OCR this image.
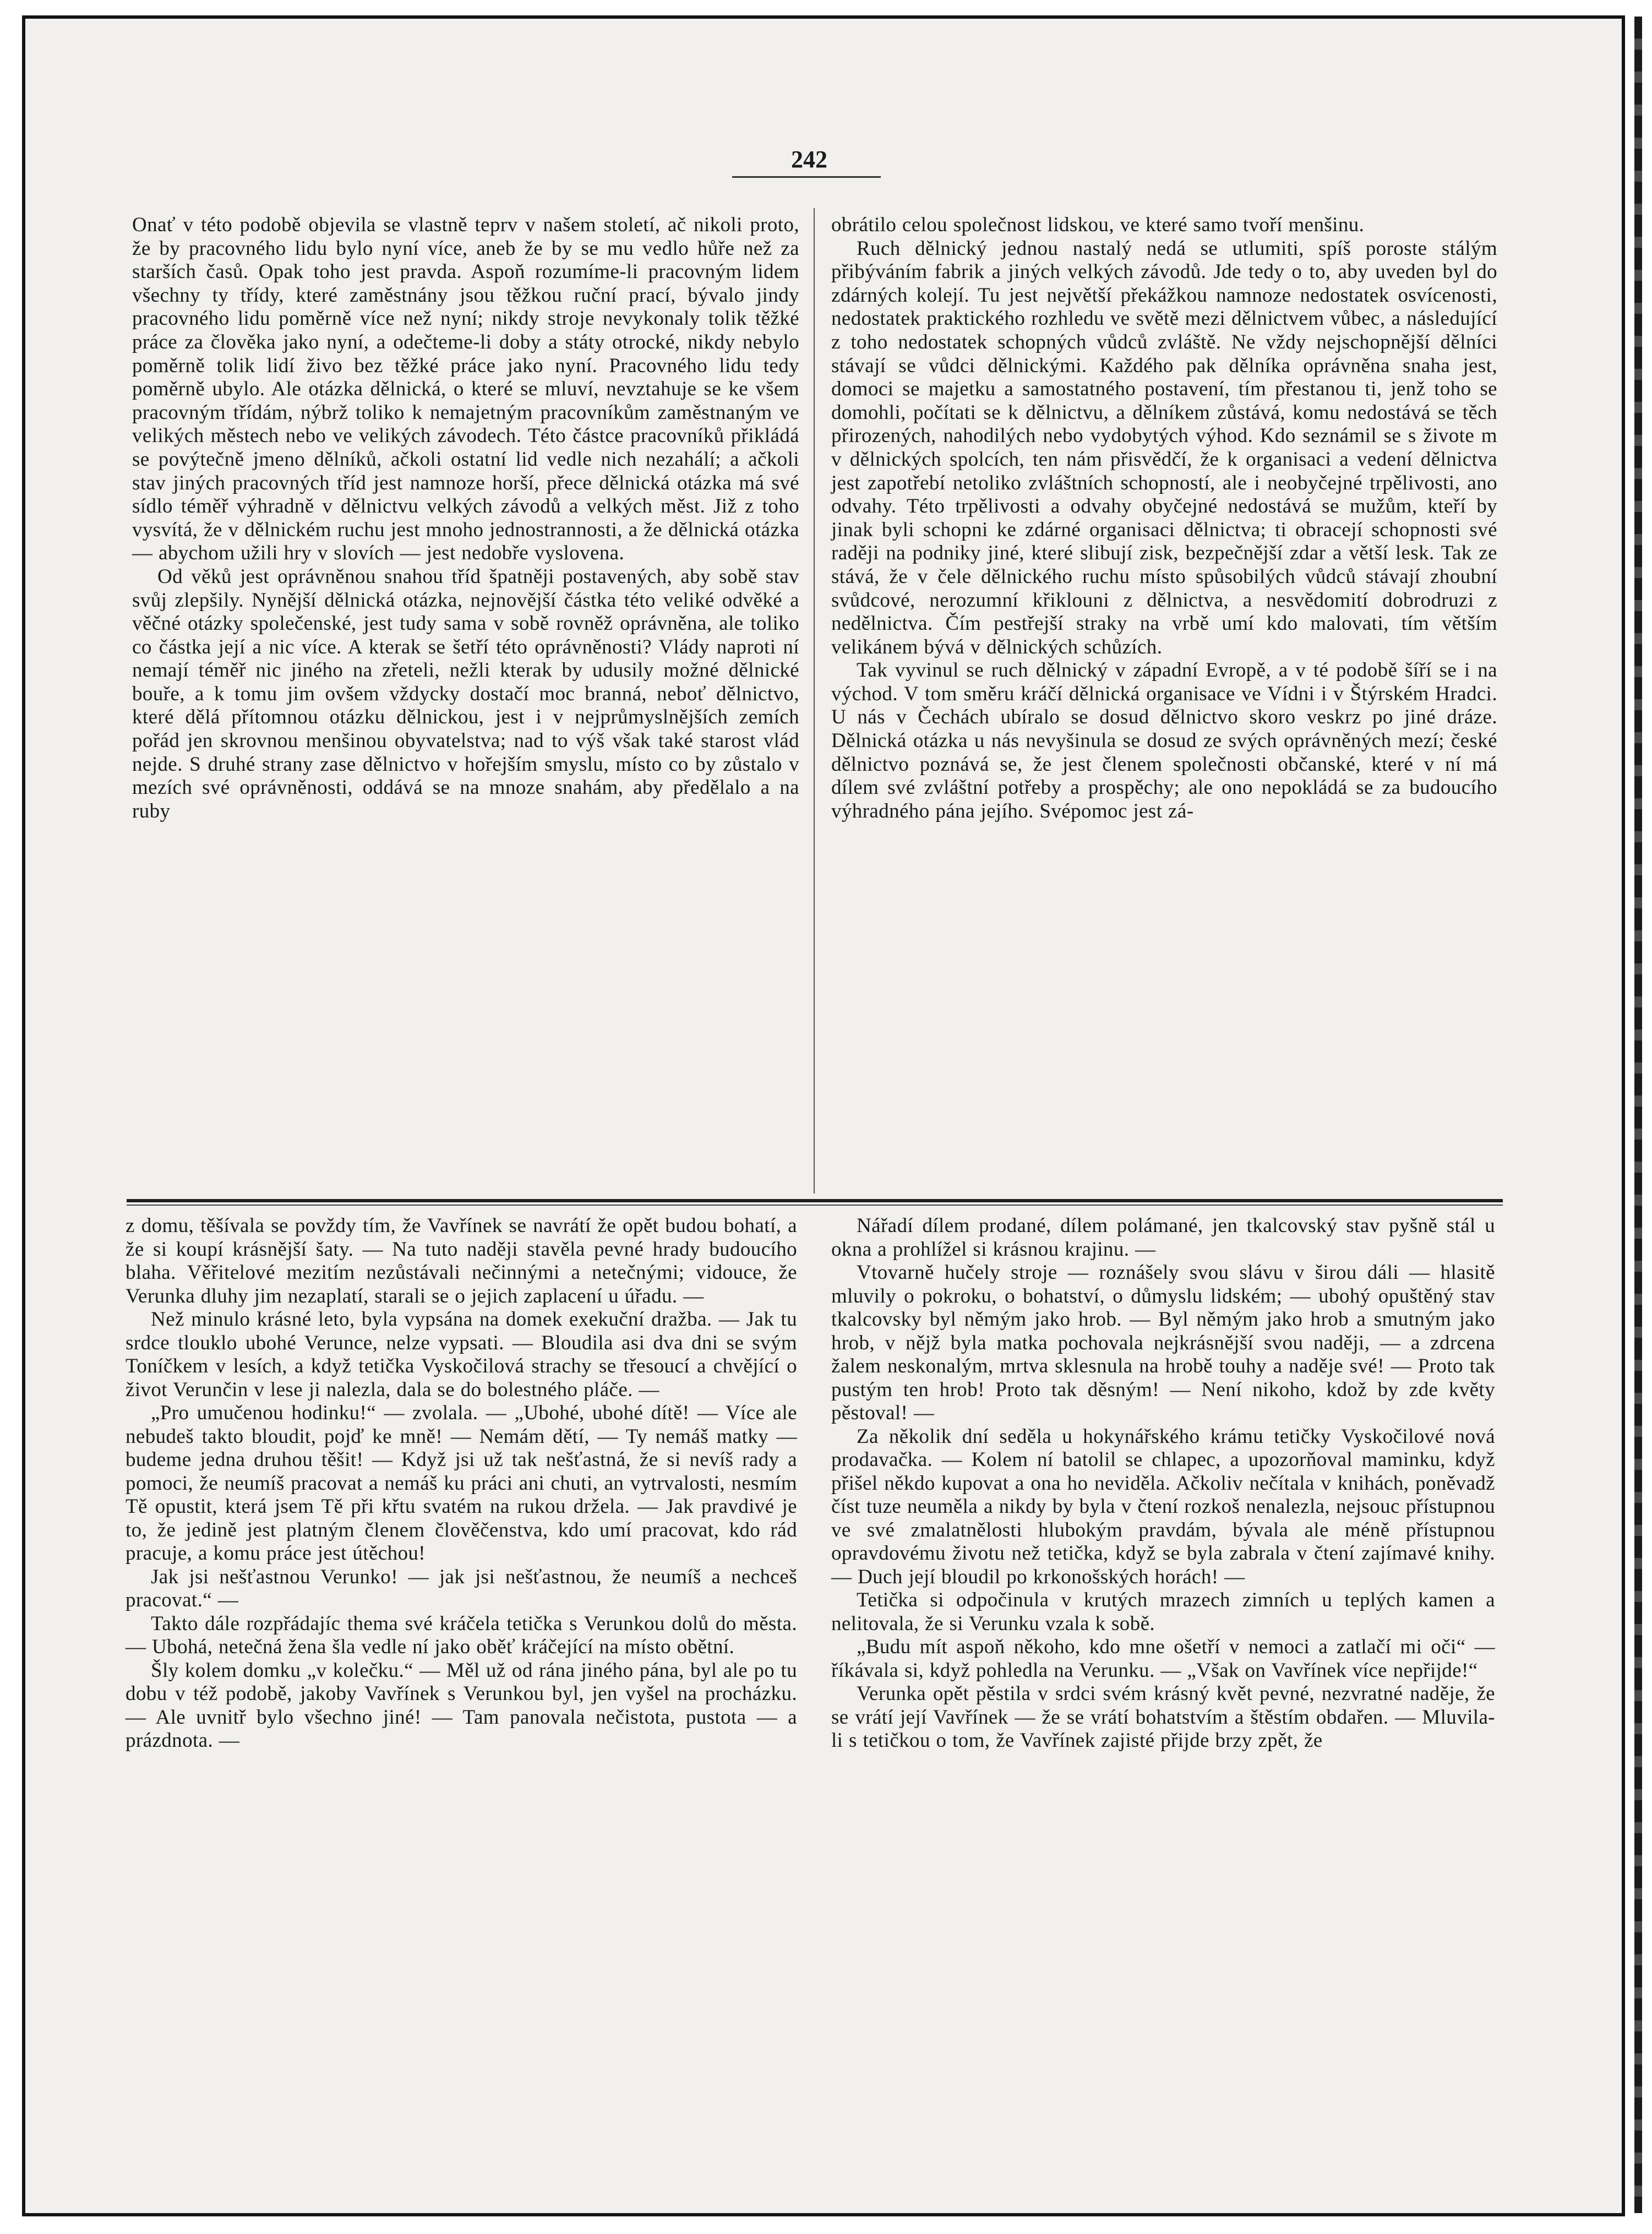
242

Onať v této podobě objevila se vlastně teprv v našem století, ač nikoli proto, že by pracovného lidu bylo nyní více, aneb že by se mu vedlo hůře než za starších časů. Opak toho jest pravda. Aspoň rozumíme-li pracovným lidem všechny ty třídy, které zaměstnány jsou těžkou ruční prací, bývalo jindy pracovného lidu poměrně více než nyní; nikdy stroje nevykonaly tolik těžké práce za člověka jako nyní, a odečteme-li doby a státy otrocké, nikdy nebylo poměrně tolik lidí živo bez těžké práce jako nyní. Pracovného lidu tedy poměrně ubylo. Ale otázka dělnická, o které se mluví, nevztahuje se ke všem pracovným třídám, nýbrž toliko k nemajetným pracovníkům zaměstnaným ve velikých městech nebo ve velikých závodech. Této částce pracovníků přikládá se povýtečně jmeno dělníků, ačkoli ostatní lid vedle nich nezahálí; a ačkoli stav jiných pracovných tříd jest namnoze horší, přece dělnická otázka má své sídlo téměř výhradně v dělnictvu velkých závodů a velkých měst. Již z toho vysvítá, že v dělnickém ruchu jest mnoho jednostrannosti, a že dělnická otázka — abychom užili hry v slovích — jest nedobře vyslovena.

Od věků jest oprávněnou snahou tříd špatněji postavených, aby sobě stav svůj zlepšily. Nynější dělnická otázka, nejnovější částka této veliké odvěké a věčné otázky společenské, jest tudy sama v sobě rovněž oprávněna, ale toliko co částka její a nic více. A kterak se šetří této oprávněnosti? Vlády naproti ní nemají téměř nic jiného na zřeteli, nežli kterak by udusily možné dělnické bouře, a k tomu jim ovšem vždycky dostačí moc branná, neboť dělnictvo, které dělá přítomnou otázku dělnickou, jest i v nejprůmyslnějších zemích pořád jen skrovnou menšinou obyvatelstva; nad to výš však také starost vlád nejde. S druhé strany zase dělnictvo v hořejším smyslu, místo co by zůstalo v mezích své oprávněnosti, oddává se na mnoze snahám, aby předělalo a na ruby

obrátilo celou společnost lidskou, ve které samo tvoří menšinu.

Ruch dělnický jednou nastalý nedá se utlumiti, spíš poroste stálým přibýváním fabrik a jiných velkých závodů. Jde tedy o to, aby uveden byl do zdárných kolejí. Tu jest největší překážkou namnoze nedostatek osvícenosti, nedostatek praktického rozhledu ve světě mezi dělnictvem vůbec, a následující z toho nedostatek schopných vůdců zvláště. Ne vždy nejschopnější dělníci stávají se vůdci dělnickými. Každého pak dělníka oprávněna snaha jest, domoci se majetku a samostatného postavení, tím přestanou ti, jenž toho se domohli, počítati se k dělnictvu, a dělníkem zůstává, komu nedostává se těch přirozených, nahodilých nebo vydobytých výhod. Kdo seznámil se s živote m v dělnických spolcích, ten nám přisvědčí, že k organisaci a vedení dělnictva jest zapotřebí netoliko zvláštních schopností, ale i neobyčejné trpělivosti, ano odvahy. Této trpělivosti a odvahy obyčejné nedostává se mužům, kteří by jinak byli schopni ke zdárné organisaci dělnictva; ti obracejí schopnosti své raději na podniky jiné, které slibují zisk, bezpečnější zdar a větší lesk. Tak ze stává, že v čele dělnického ruchu místo spůsobilých vůdců stávají zhoubní svůdcové, nerozumní křiklouni z dělnictva, a nesvědomití dobrodruzi z nedělnictva. Čím pestřejší straky na vrbě umí kdo malovati, tím větším velikánem bývá v dělnických schůzích.

Tak vyvinul se ruch dělnický v západní Evropě, a v té podobě šíří se i na východ. V tom směru kráčí dělnická organisace ve Vídni i v Štýrském Hradci. U nás v Čechách ubíralo se dosud dělnictvo skoro veskrz po jiné dráze. Dělnická otázka u nás nevyšinula se dosud ze svých oprávněných mezí; české dělnictvo poznává se, že jest členem společnosti občanské, které v ní má dílem své zvláštní potřeby a prospěchy; ale ono nepokládá se za budoucího výhradného pána jejího. Svépomoc jest zá-

z domu, těšívala se povždy tím, že Vavřínek se navrátí že opět budou bohatí, a že si koupí krásnější šaty. — Na tuto naději stavěla pevné hrady budoucího blaha. Věřitelové mezitím nezůstávali nečinnými a netečnými; vidouce, že Verunka dluhy jim nezaplatí, starali se o jejich zaplacení u úřadu. —

Než minulo krásné leto, byla vypsána na domek exekuční dražba. — Jak tu srdce tlouklo ubohé Verunce, nelze vypsati. — Bloudila asi dva dni se svým Toníčkem v lesích, a když tetička Vyskočilová strachy se třesoucí a chvějící o život Verunčin v lese ji nalezla, dala se do bolestného pláče. —

„Pro umučenou hodinku!“ — zvolala. — „Ubohé, ubohé dítě! — Více ale nebudeš takto bloudit, pojď ke mně! — Nemám dětí, — Ty nemáš matky — budeme jedna druhou těšit! — Když jsi už tak nešťastná, že si nevíš rady a pomoci, že neumíš pracovat a nemáš ku práci ani chuti, an vytrvalosti, nesmím Tě opustit, která jsem Tě při křtu svatém na rukou držela. — Jak pravdivé je to, že jedině jest platným členem člověčenstva, kdo umí pracovat, kdo rád pracuje, a komu práce jest útěchou!

Jak jsi nešťastnou Verunko! — jak jsi nešťastnou, že neumíš a nechceš pracovat.“ —

Takto dále rozpřádajíc thema své kráčela tetička s Verunkou dolů do města. — Ubohá, netečná žena šla vedle ní jako oběť kráčející na místo obětní.

Šly kolem domku „v kolečku.“ — Měl už od rána jiného pána, byl ale po tu dobu v též podobě, jakoby Vavřínek s Verunkou byl, jen vyšel na procházku. — Ale uvnitř bylo všechno jiné! — Tam panovala nečistota, pustota — a prázdnota. —

Nářadí dílem prodané, dílem polámané, jen tkalcovský stav pyšně stál u okna a prohlížel si krásnou krajinu. —

Vtovarně hučely stroje — roznášely svou slávu v širou dáli — hlasitě mluvily o pokroku, o bohatství, o důmyslu lidském; — ubohý opuštěný stav tkalcovsky byl němým jako hrob. — Byl němým jako hrob a smutným jako hrob, v nějž byla matka pochovala nejkrásnější svou naději, — a zdrcena žalem neskonalým, mrtva sklesnula na hrobě touhy a naděje své! — Proto tak pustým ten hrob! Proto tak děsným! — Není nikoho, kdož by zde květy pěstoval! —

Za několik dní seděla u hokynářského krámu tetičky Vyskočilové nová prodavačka. — Kolem ní batolil se chlapec, a upozorňoval maminku, když přišel někdo kupovat a ona ho neviděla. Ačkoliv nečítala v knihách, poněvadž číst tuze neuměla a nikdy by byla v čtení rozkoš nenalezla, nejsouc přístupnou ve své zmalatnělosti hlubokým pravdám, bývala ale méně přístupnou opravdovému životu než tetička, když se byla zabrala v čtení zajímavé knihy. — Duch její bloudil po krkonošských horách! —

Tetička si odpočinula v krutých mrazech zimních u teplých kamen a nelitovala, že si Verunku vzala k sobě.

„Budu mít aspoň někoho, kdo mne ošetří v nemoci a zatlačí mi oči“ — říkávala si, když pohledla na Verunku. — „Však on Vavřínek více nepřijde!“

Verunka opět pěstila v srdci svém krásný květ pevné, nezvratné naděje, že se vrátí její Vavřínek — že se vrátí bohatstvím a štěstím obdařen. — Mluvila-li s tetičkou o tom, že Vavřínek zajisté přijde brzy zpět, že
